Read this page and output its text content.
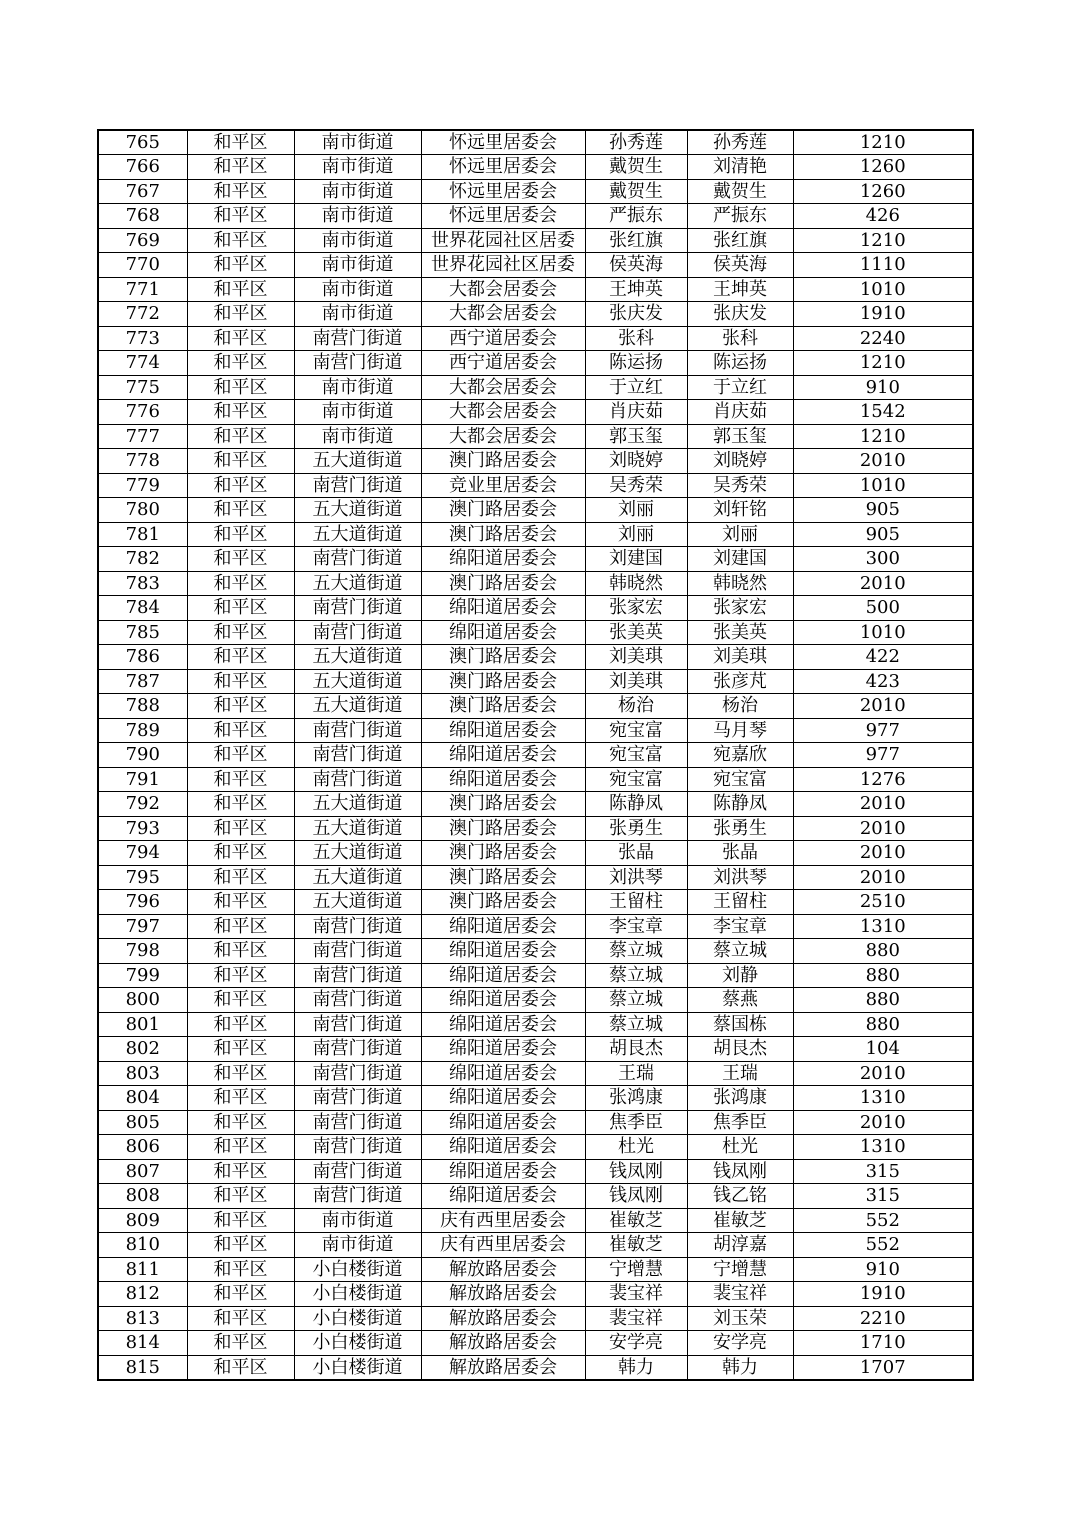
765	和平区	南市街道	怀远里居委会	孙秀莲	孙秀莲	1210
766	和平区	南市街道	怀远里居委会	戴贺生	刘清艳	1260
767	和平区	南市街道	怀远里居委会	戴贺生	戴贺生	1260
768	和平区	南市街道	怀远里居委会	严振东	严振东	426
769	和平区	南市街道	世界花园社区居委	张红旗	张红旗	1210
770	和平区	南市街道	世界花园社区居委	侯英海	侯英海	1110
771	和平区	南市街道	大都会居委会	王坤英	王坤英	1010
772	和平区	南市街道	大都会居委会	张庆发	张庆发	1910
773	和平区	南营门街道	西宁道居委会	张科	张科	2240
774	和平区	南营门街道	西宁道居委会	陈运扬	陈运扬	1210
775	和平区	南市街道	大都会居委会	于立红	于立红	910
776	和平区	南市街道	大都会居委会	肖庆茹	肖庆茹	1542
777	和平区	南市街道	大都会居委会	郭玉玺	郭玉玺	1210
778	和平区	五大道街道	澳门路居委会	刘晓婷	刘晓婷	2010
779	和平区	南营门街道	竞业里居委会	吴秀荣	吴秀荣	1010
780	和平区	五大道街道	澳门路居委会	刘丽	刘轩铭	905
781	和平区	五大道街道	澳门路居委会	刘丽	刘丽	905
782	和平区	南营门街道	绵阳道居委会	刘建国	刘建国	300
783	和平区	五大道街道	澳门路居委会	韩晓然	韩晓然	2010
784	和平区	南营门街道	绵阳道居委会	张家宏	张家宏	500
785	和平区	南营门街道	绵阳道居委会	张美英	张美英	1010
786	和平区	五大道街道	澳门路居委会	刘美琪	刘美琪	422
787	和平区	五大道街道	澳门路居委会	刘美琪	张彦芃	423
788	和平区	五大道街道	澳门路居委会	杨治	杨治	2010
789	和平区	南营门街道	绵阳道居委会	宛宝富	马月琴	977
790	和平区	南营门街道	绵阳道居委会	宛宝富	宛嘉欣	977
791	和平区	南营门街道	绵阳道居委会	宛宝富	宛宝富	1276
792	和平区	五大道街道	澳门路居委会	陈静凤	陈静凤	2010
793	和平区	五大道街道	澳门路居委会	张勇生	张勇生	2010
794	和平区	五大道街道	澳门路居委会	张晶	张晶	2010
795	和平区	五大道街道	澳门路居委会	刘洪琴	刘洪琴	2010
796	和平区	五大道街道	澳门路居委会	王留柱	王留柱	2510
797	和平区	南营门街道	绵阳道居委会	李宝章	李宝章	1310
798	和平区	南营门街道	绵阳道居委会	蔡立城	蔡立城	880
799	和平区	南营门街道	绵阳道居委会	蔡立城	刘静	880
800	和平区	南营门街道	绵阳道居委会	蔡立城	蔡燕	880
801	和平区	南营门街道	绵阳道居委会	蔡立城	蔡国栋	880
802	和平区	南营门街道	绵阳道居委会	胡艮杰	胡艮杰	104
803	和平区	南营门街道	绵阳道居委会	王瑞	王瑞	2010
804	和平区	南营门街道	绵阳道居委会	张鸿康	张鸿康	1310
805	和平区	南营门街道	绵阳道居委会	焦季臣	焦季臣	2010
806	和平区	南营门街道	绵阳道居委会	杜光	杜光	1310
807	和平区	南营门街道	绵阳道居委会	钱凤刚	钱凤刚	315
808	和平区	南营门街道	绵阳道居委会	钱凤刚	钱乙铭	315
809	和平区	南市街道	庆有西里居委会	崔敏芝	崔敏芝	552
810	和平区	南市街道	庆有西里居委会	崔敏芝	胡淳嘉	552
811	和平区	小白楼街道	解放路居委会	宁增慧	宁增慧	910
812	和平区	小白楼街道	解放路居委会	裴宝祥	裴宝祥	1910
813	和平区	小白楼街道	解放路居委会	裴宝祥	刘玉荣	2210
814	和平区	小白楼街道	解放路居委会	安学亮	安学亮	1710
815	和平区	小白楼街道	解放路居委会	韩力	韩力	1707
